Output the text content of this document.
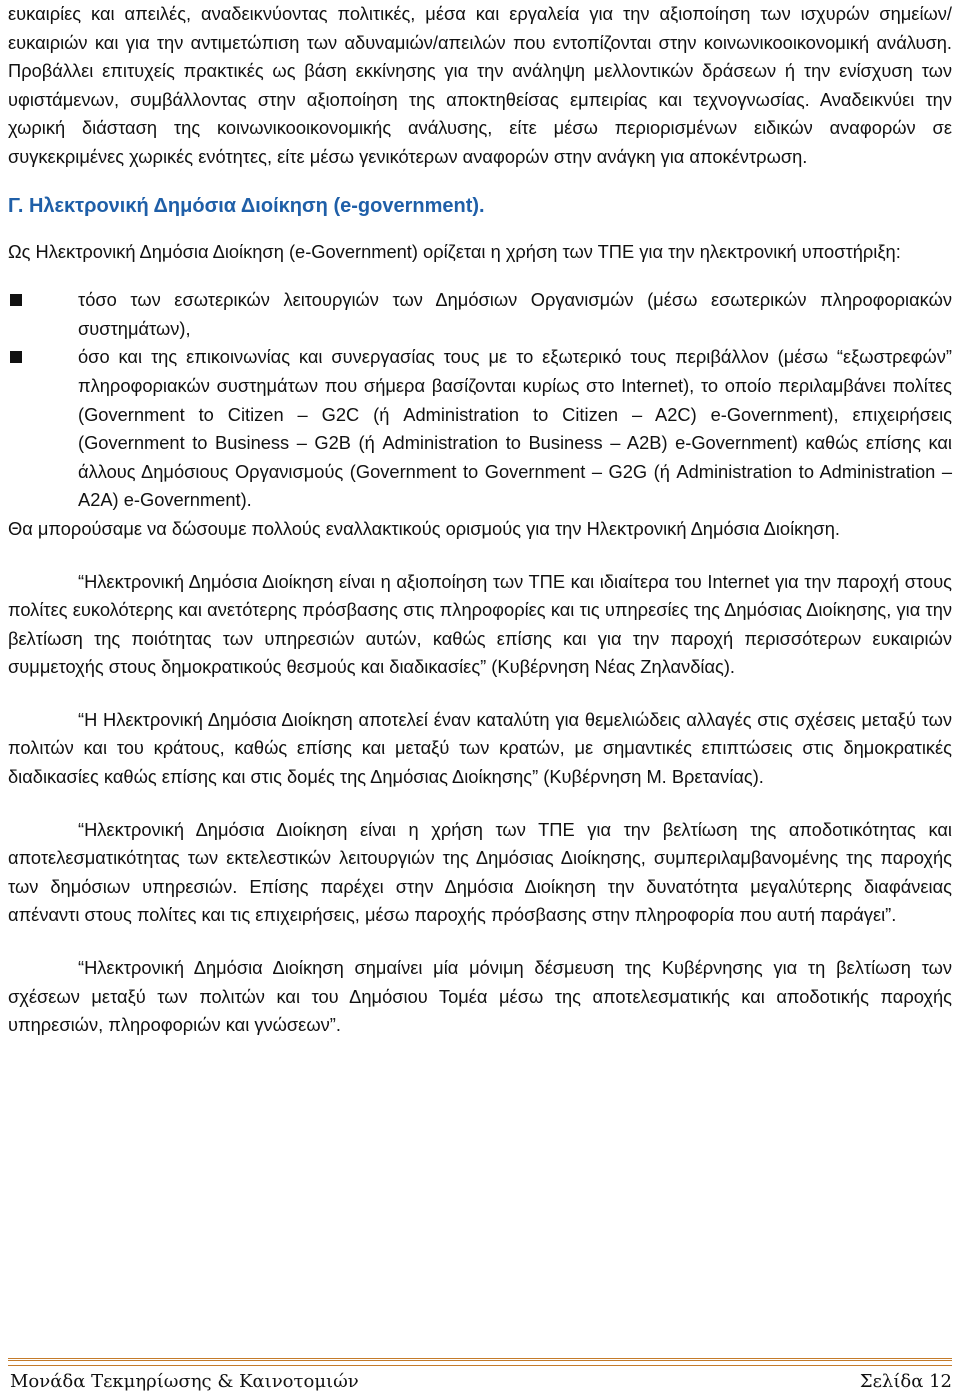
ευκαιρίες και απειλές, αναδεικνύοντας πολιτικές, μέσα και εργαλεία για την αξιοποίηση των ισχυρών σημείων/ευκαιριών και για την αντιμετώπιση των αδυναμιών/απειλών που εντοπίζονται στην κοινωνικοοικονομική ανάλυση. Προβάλλει επιτυχείς πρακτικές ως βάση εκκίνησης για την ανάληψη μελλοντικών δράσεων ή την ενίσχυση των υφιστάμενων, συμβάλλοντας στην αξιοποίηση της αποκτηθείσας εμπειρίας και τεχνογνωσίας. Αναδεικνύει την χωρική διάσταση της κοινωνικοοικονομικής ανάλυσης, είτε μέσω περιορισμένων ειδικών αναφορών σε συγκεκριμένες χωρικές ενότητες, είτε μέσω γενικότερων αναφορών στην ανάγκη για αποκέντρωση.

Γ. Ηλεκτρονική Δημόσια Διοίκηση (e-government).

Ως Ηλεκτρονική Δημόσια Διοίκηση (e-Government) ορίζεται η χρήση των ΤΠΕ για την ηλεκτρονική υποστήριξη:

τόσο των εσωτερικών λειτουργιών των Δημόσιων Οργανισμών (μέσω εσωτερικών πληροφοριακών συστημάτων),
όσο και της επικοινωνίας και συνεργασίας τους με το εξωτερικό τους περιβάλλον (μέσω “εξωστρεφών” πληροφοριακών συστημάτων που σήμερα βασίζονται κυρίως στο Internet), το οποίο περιλαμβάνει πολίτες (Government to Citizen – G2C (ή Administration to Citizen – A2C) e-Government), επιχειρήσεις (Government to Business – G2B (ή Administration to Business – A2B) e-Government) καθώς επίσης και άλλους Δημόσιους Οργανισμούς (Government to Government – G2G (ή Administration to Administration – A2A) e-Government).

Θα μπορούσαμε να δώσουμε πολλούς εναλλακτικούς ορισμούς για την Ηλεκτρονική Δημόσια Διοίκηση.

“Ηλεκτρονική Δημόσια Διοίκηση είναι η αξιοποίηση των ΤΠΕ και ιδιαίτερα του Internet για την παροχή στους πολίτες ευκολότερης και ανετότερης πρόσβασης στις πληροφορίες και τις υπηρεσίες της Δημόσιας Διοίκησης, για την βελτίωση της ποιότητας των υπηρεσιών αυτών, καθώς επίσης και για την παροχή περισσότερων ευκαιριών συμμετοχής στους δημοκρατικούς θεσμούς και διαδικασίες” (Κυβέρνηση Νέας Ζηλανδίας).

“Η Ηλεκτρονική Δημόσια Διοίκηση αποτελεί έναν καταλύτη για θεμελιώδεις αλλαγές στις σχέσεις μεταξύ των πολιτών και του κράτους, καθώς επίσης και μεταξύ των κρατών, με σημαντικές επιπτώσεις στις δημοκρατικές διαδικασίες καθώς επίσης και στις δομές της Δημόσιας Διοίκησης” (Κυβέρνηση Μ. Βρετανίας).

“Ηλεκτρονική Δημόσια Διοίκηση είναι η χρήση των ΤΠΕ για την βελτίωση της αποδοτικότητας και αποτελεσματικότητας των εκτελεστικών λειτουργιών της Δημόσιας Διοίκησης, συμπεριλαμβανομένης της παροχής των δημόσιων υπηρεσιών. Επίσης παρέχει στην Δημόσια Διοίκηση την δυνατότητα μεγαλύτερης διαφάνειας απέναντι στους πολίτες και τις επιχειρήσεις, μέσω παροχής πρόσβασης στην πληροφορία που αυτή παράγει”.

“Ηλεκτρονική Δημόσια Διοίκηση σημαίνει μία μόνιμη δέσμευση της Κυβέρνησης για τη βελτίωση των σχέσεων μεταξύ των πολιτών και του Δημόσιου Τομέα μέσω της αποτελεσματικής και αποδοτικής παροχής υπηρεσιών, πληροφοριών και γνώσεων”.

Μονάδα Τεκμηρίωσης & Καινοτομιών	Σελίδα 12
